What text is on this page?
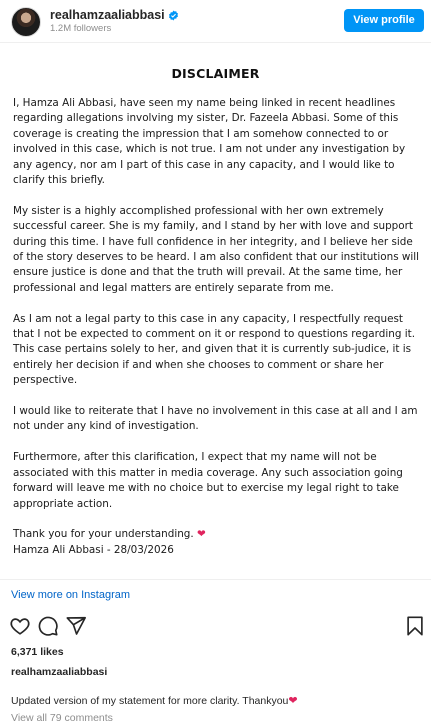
realhamzaaliabbasi
1.2M followers
View profile
DISCLAIMER

I, Hamza Ali Abbasi, have seen my name being linked in recent headlines regarding allegations involving my sister, Dr. Fazeela Abbasi. Some of this coverage is creating the impression that I am somehow connected to or involved in this case, which is not true. I am not under any investigation by any agency, nor am I part of this case in any capacity, and I would like to clarify this briefly.

My sister is a highly accomplished professional with her own extremely successful career. She is my family, and I stand by her with love and support during this time. I have full confidence in her integrity, and I believe her side of the story deserves to be heard. I am also confident that our institutions will ensure justice is done and that the truth will prevail. At the same time, her professional and legal matters are entirely separate from me.

As I am not a legal party to this case in any capacity, I respectfully request that I not be expected to comment on it or respond to questions regarding it. This case pertains solely to her, and given that it is currently sub-judice, it is entirely her decision if and when she chooses to comment or share her perspective.

I would like to reiterate that I have no involvement in this case at all and I am not under any kind of investigation.

Furthermore, after this clarification, I expect that my name will not be associated with this matter in media coverage. Any such association going forward will leave me with no choice but to exercise my legal right to take appropriate action.

Thank you for your understanding. ❤

Hamza Ali Abbasi - 28/03/2026

View more on Instagram
6,371 likes
realhamzaaliabbasi
Updated version of my statement for more clarity. Thankyou❤
View all 79 comments
